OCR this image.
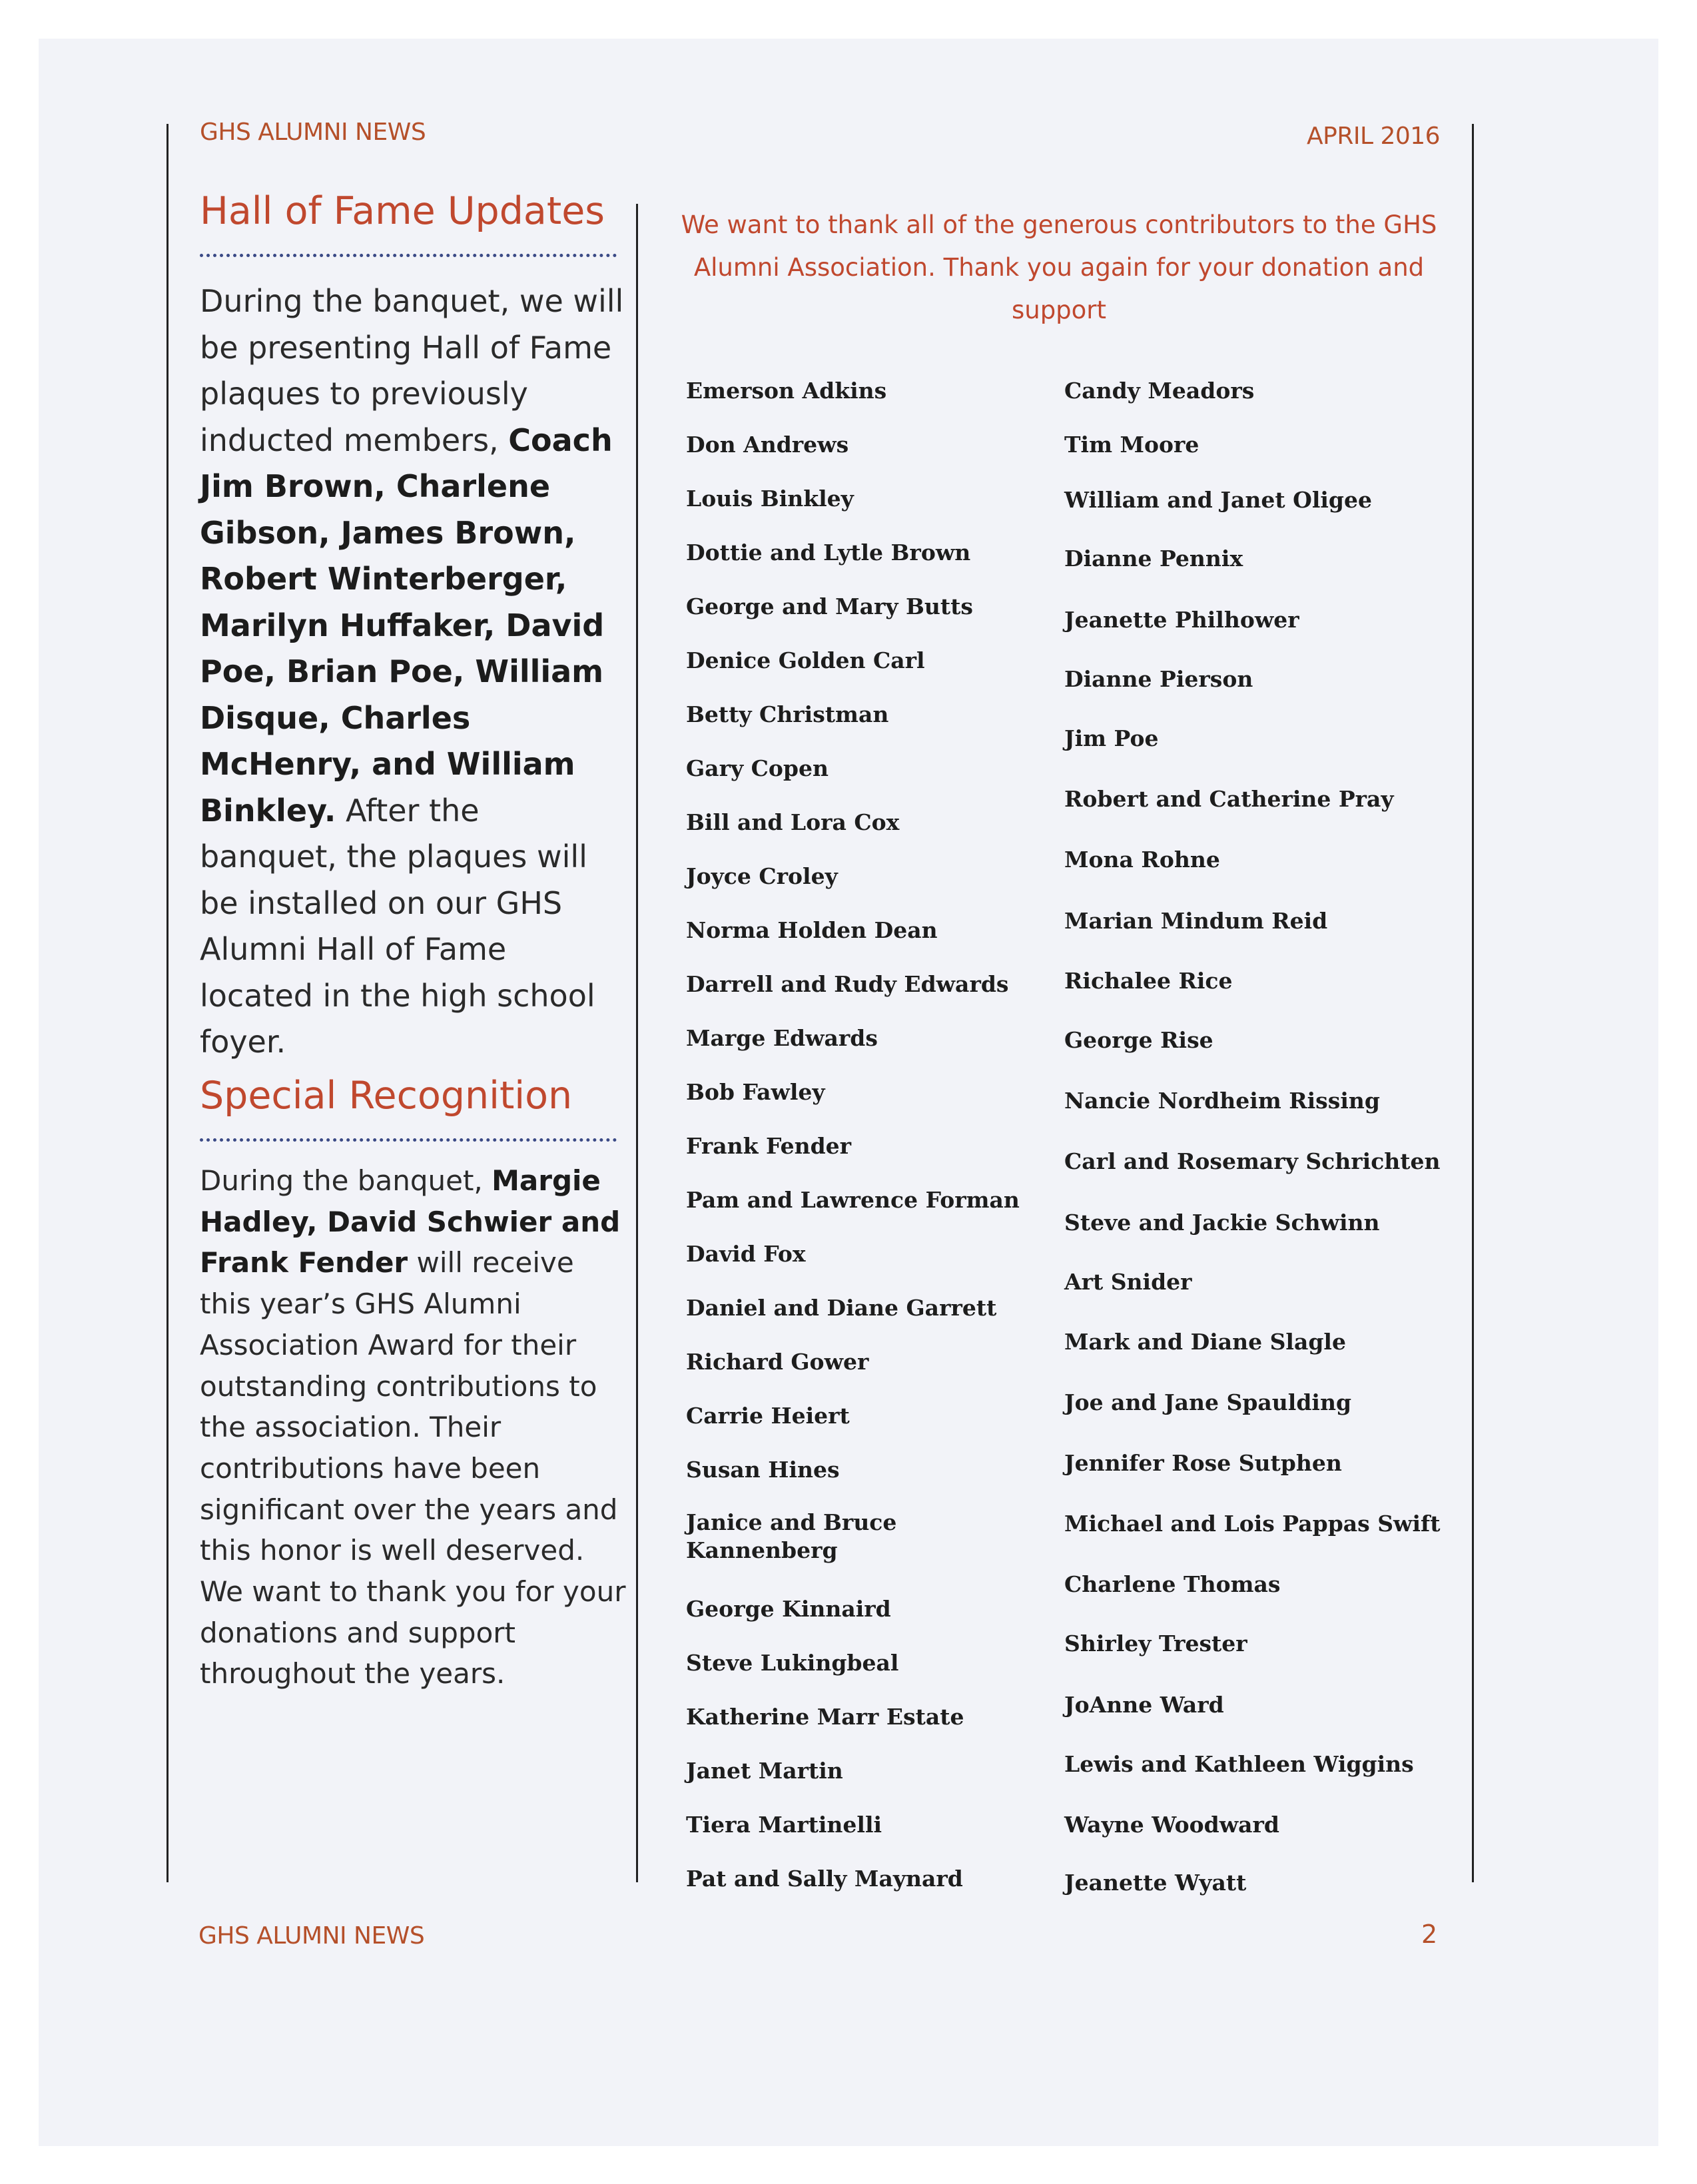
GHS ALUMNI NEWS	APRIL 2016
Hall of Fame Updates
During the banquet, we will be presenting Hall of Fame plaques to previously inducted members, Coach Jim Brown, Charlene Gibson, James Brown, Robert Winterberger, Marilyn Huffaker, David Poe, Brian Poe, William Disque, Charles McHenry, and William Binkley. After the banquet, the plaques will be installed on our GHS Alumni Hall of Fame located in the high school foyer.
Special Recognition
During the banquet, Margie Hadley, David Schwier and Frank Fender will receive this year’s GHS Alumni Association Award for their outstanding contributions to the association. Their contributions have been significant over the years and this honor is well deserved. We want to thank you for your donations and support throughout the years.
We want to thank all of the generous contributors to the GHS Alumni Association. Thank you again for your donation and support
Emerson Adkins
Don Andrews
Louis Binkley
Dottie and Lytle Brown
George and Mary Butts
Denice Golden Carl
Betty Christman
Gary Copen
Bill and Lora Cox
Joyce Croley
Norma Holden Dean
Darrell and Rudy Edwards
Marge Edwards
Bob Fawley
Frank Fender
Pam and Lawrence Forman
David Fox
Daniel and Diane Garrett
Richard Gower
Carrie Heiert
Susan Hines
Janice and Bruce Kannenberg
George Kinnaird
Steve Lukingbeal
Katherine Marr Estate
Janet Martin
Tiera Martinelli
Pat and Sally Maynard
Candy Meadors
Tim Moore
William and Janet Oligee
Dianne Pennix
Jeanette Philhower
Dianne Pierson
Jim Poe
Robert and Catherine Pray
Mona Rohne
Marian Mindum Reid
Richalee Rice
George Rise
Nancie Nordheim Rissing
Carl and Rosemary Schrichten
Steve and Jackie Schwinn
Art Snider
Mark and Diane Slagle
Joe and Jane Spaulding
Jennifer Rose Sutphen
Michael and Lois Pappas Swift
Charlene Thomas
Shirley Trester
JoAnne Ward
Lewis and Kathleen Wiggins
Wayne Woodward
Jeanette Wyatt
GHS ALUMNI NEWS	2
